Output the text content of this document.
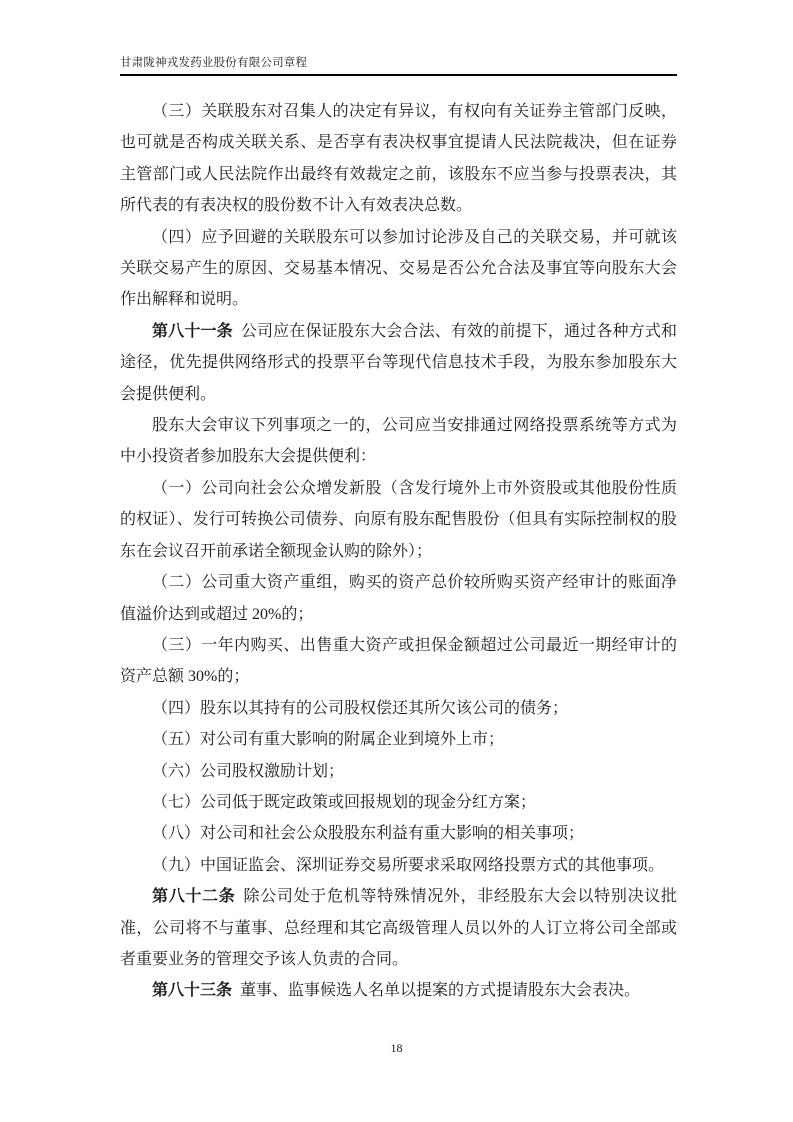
甘肃陇神戎发药业股份有限公司章程

（三）关联股东对召集人的决定有异议，有权向有关证券主管部门反映，也可就是否构成关联关系、是否享有表决权事宜提请人民法院裁决，但在证券主管部门或人民法院作出最终有效裁定之前，该股东不应当参与投票表决，其所代表的有表决权的股份数不计入有效表决总数。

（四）应予回避的关联股东可以参加讨论涉及自己的关联交易，并可就该关联交易产生的原因、交易基本情况、交易是否公允合法及事宜等向股东大会作出解释和说明。

第八十一条 公司应在保证股东大会合法、有效的前提下，通过各种方式和途径，优先提供网络形式的投票平台等现代信息技术手段，为股东参加股东大会提供便利。

股东大会审议下列事项之一的，公司应当安排通过网络投票系统等方式为中小投资者参加股东大会提供便利：

（一）公司向社会公众增发新股（含发行境外上市外资股或其他股份性质的权证）、发行可转换公司债券、向原有股东配售股份（但具有实际控制权的股东在会议召开前承诺全额现金认购的除外）；

（二）公司重大资产重组，购买的资产总价较所购买资产经审计的账面净值溢价达到或超过 20%的；

（三）一年内购买、出售重大资产或担保金额超过公司最近一期经审计的资产总额 30%的；

（四）股东以其持有的公司股权偿还其所欠该公司的债务；

（五）对公司有重大影响的附属企业到境外上市；

（六）公司股权激励计划；

（七）公司低于既定政策或回报规划的现金分红方案；

（八）对公司和社会公众股股东利益有重大影响的相关事项；

（九）中国证监会、深圳证券交易所要求采取网络投票方式的其他事项。

第八十二条 除公司处于危机等特殊情况外，非经股东大会以特别决议批准，公司将不与董事、总经理和其它高级管理人员以外的人订立将公司全部或者重要业务的管理交予该人负责的合同。

第八十三条 董事、监事候选人名单以提案的方式提请股东大会表决。

18
